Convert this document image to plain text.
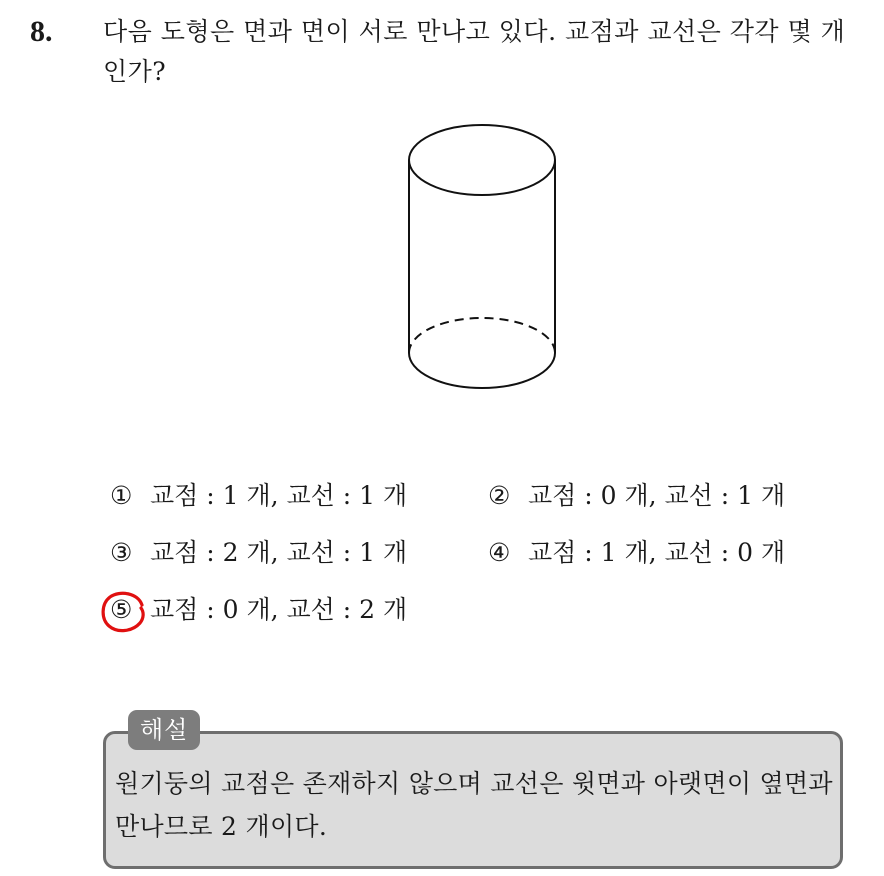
8. 다음 도형은 면과 면이 서로 만나고 있다. 교점과 교선은 각각 몇 개인가?
① 교점 : 1 개, 교선 : 1 개	② 교점 : 0 개, 교선 : 1 개
③ 교점 : 2 개, 교선 : 1 개	④ 교점 : 1 개, 교선 : 0 개
⑤ 교점 : 0 개, 교선 : 2 개
해설
원기둥의 교점은 존재하지 않으며 교선은 윗면과 아랫면이 옆면과 만나므로 2 개이다.
